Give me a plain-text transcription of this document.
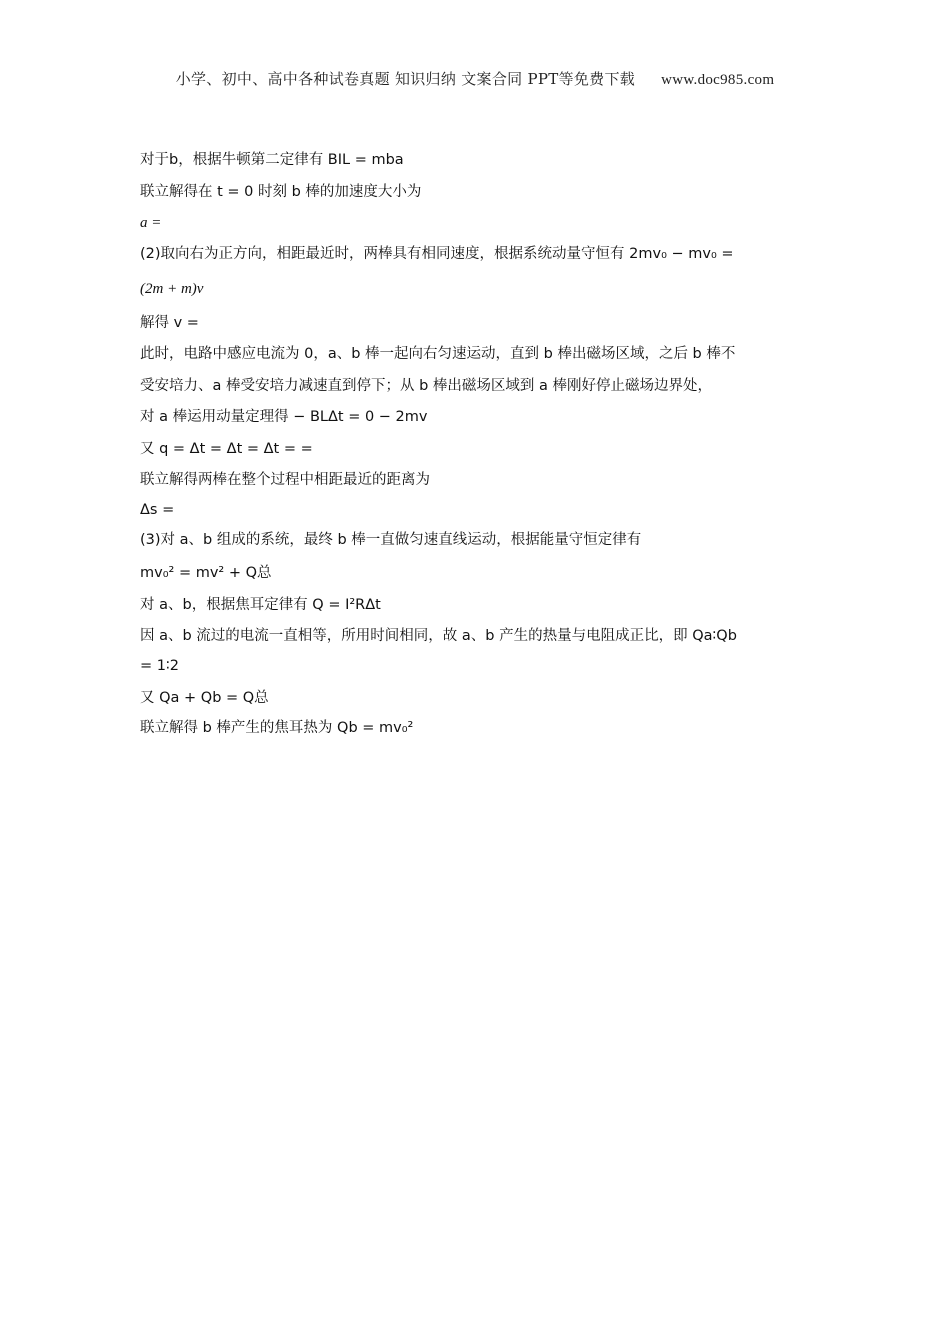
小学、初中、高中各种试卷真题 知识归纳 文案合同 PPT等免费下载 www.doc985.com
对于b，根据牛顿第二定律有 BIL = mba
联立解得在 t = 0 时刻 b 棒的加速度大小为
a =
(2)取向右为正方向，相距最近时，两棒具有相同速度，根据系统动量守恒有 2mv₀ − mv₀ =
(2m + m)v
解得 v =
此时，电路中感应电流为 0，a、b 棒一起向右匀速运动，直到 b 棒出磁场区域，之后 b 棒不
受安培力、a 棒受安培力减速直到停下；从 b 棒出磁场区域到 a 棒刚好停止磁场边界处，
对 a 棒运用动量定理得 − BLΔt = 0 − 2mv
又 q = Δt = Δt = Δt = =
联立解得两棒在整个过程中相距最近的距离为
Δs =
(3)对 a、b 组成的系统，最终 b 棒一直做匀速直线运动，根据能量守恒定律有
mv₀² = mv² + Q总
对 a、b，根据焦耳定律有 Q = I²RΔt
因 a、b 流过的电流一直相等，所用时间相同，故 a、b 产生的热量与电阻成正比，即 Qa∶Qb
= 1∶2
又 Qa + Qb = Q总
联立解得 b 棒产生的焦耳热为 Qb = mv₀²
